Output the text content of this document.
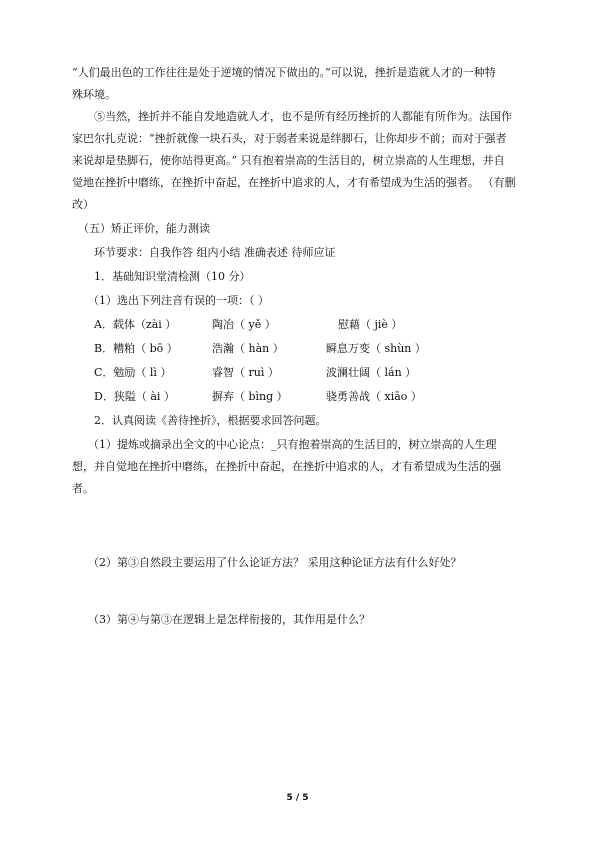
“人们最出色的工作往往是处于逆境的情况下做出的。”可以说，挫折是造就人才的一种特
殊环境。
⑤当然，挫折并不能自发地造就人才，也不是所有经历挫折的人都能有所作为。法国作
家巴尔扎克说：“挫折就像一块石头，对于弱者来说是绊脚石，让你却步不前；而对于强者
来说却是垫脚石，使你站得更高。” 只有抱着崇高的生活目的，树立崇高的人生理想，并自
觉地在挫折中磨练，在挫折中奋起，在挫折中追求的人，才有希望成为生活的强者。 （有删
改）
（五）矫正评价，能力测读
环节要求：自我作答 组内小结 准确表述 待师应证
1．基础知识堂清检测（10 分）
（1）选出下列注音有误的一项：（ ）
A．载体（zài ）	陶冶（ yě ）	慰藉（ jiè ）
B．糟粕（ bō ）	浩瀚（ hàn ）	瞬息万变（ shùn ）
C．勉励（ lì ）	睿智（ ruì ）	波澜壮阔（ lán ）
D．狭隘（ ài ）	摒弃（ bìng ）	骁勇善战（ xiāo ）
2．认真阅读《善待挫折》，根据要求回答问题。
（1）提炼或摘录出全文的中心论点：_只有抱着崇高的生活目的，树立崇高的人生理
想，并自觉地在挫折中磨练，在挫折中奋起，在挫折中追求的人，才有希望成为生活的强
者。
（2）第③自然段主要运用了什么论证方法？ 采用这种论证方法有什么好处？
（3）第④与第③在逻辑上是怎样衔接的，其作用是什么？
5 / 5
